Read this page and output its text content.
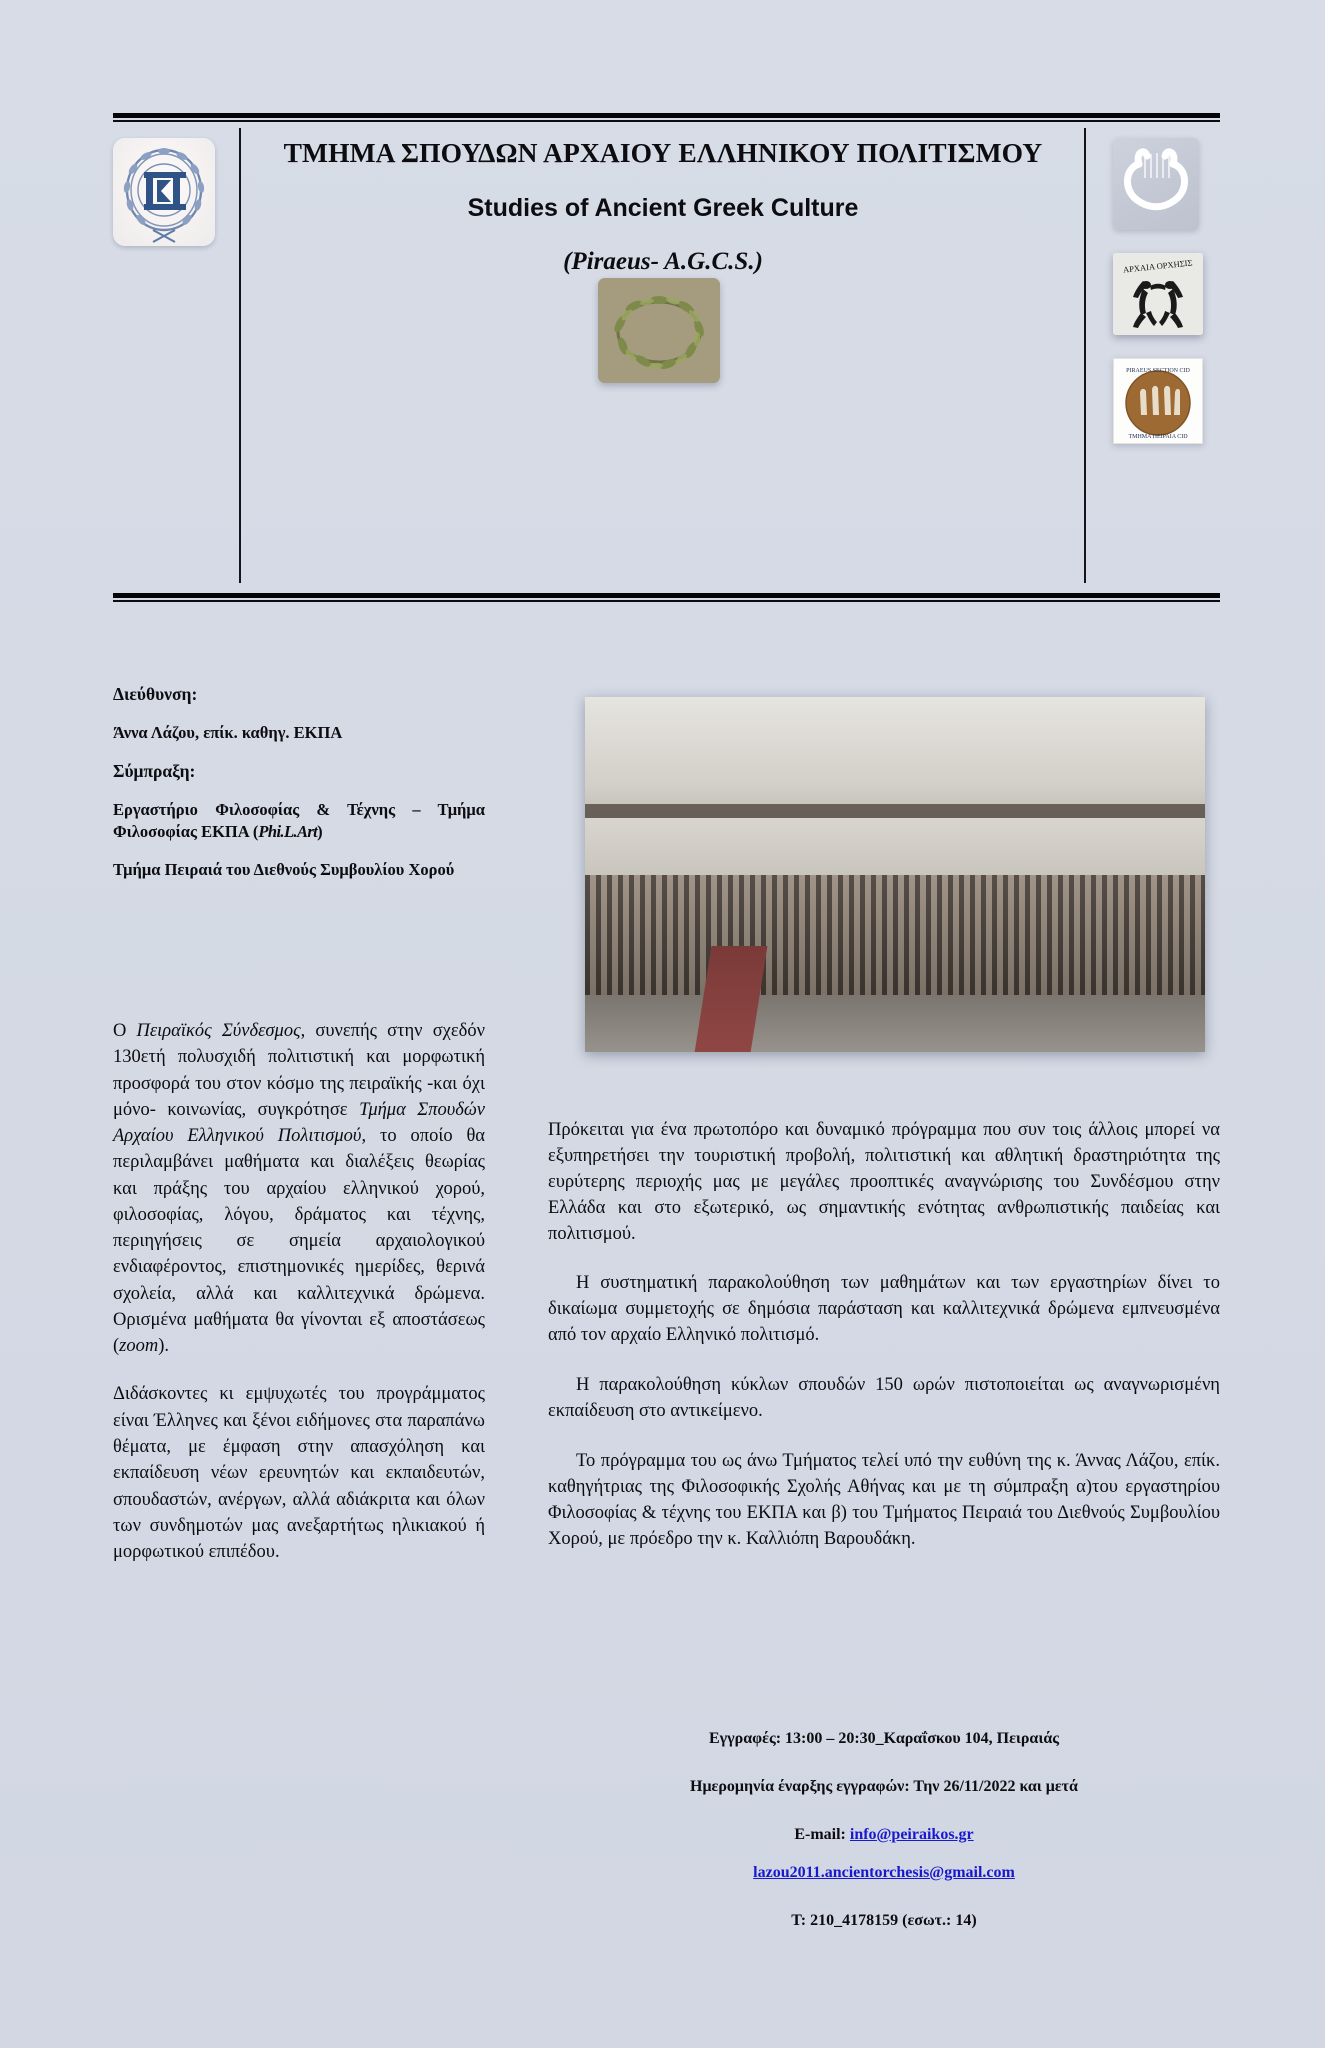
ΤΜΗΜΑ ΣΠΟΥΔΩΝ ΑΡΧΑΙΟΥ ΕΛΛΗΝΙΚΟΥ ΠΟΛΙΤΙΣΜΟΥ
Studies of Ancient Greek Culture
(Piraeus- A.G.C.S.)	ΑΡΧΑΙΑ ΟΡΧΗΣΙΣ
PIRAEUS SECTION CID
ΤΜΗΜΑ ΠΕΙΡΑΙΑ CID

Διεύθυνση:

Άννα Λάζου, επίκ. καθηγ. ΕΚΠΑ

Σύμπραξη:

Εργαστήριο Φιλοσοφίας & Τέχνης – Τμήμα Φιλοσοφίας ΕΚΠΑ (Phi.L.Art)

Τμήμα Πειραιά του Διεθνούς Συμβουλίου Χορού

Ο Πειραϊκός Σύνδεσμος, συνεπής στην σχεδόν 130ετή πολυσχιδή πολιτιστική και μορφωτική προσφορά του στον κόσμο της πειραϊκής -και όχι μόνο- κοινωνίας, συγκρότησε Τμήμα Σπουδών Αρχαίου Ελληνικού Πολιτισμού, το οποίο θα περιλαμβάνει μαθήματα και διαλέξεις θεωρίας και πράξης του αρχαίου ελληνικού χορού, φιλοσοφίας, λόγου, δράματος και τέχνης, περιηγήσεις σε σημεία αρχαιολογικού ενδιαφέροντος, επιστημονικές ημερίδες, θερινά σχολεία, αλλά και καλλιτεχνικά δρώμενα. Ορισμένα μαθήματα θα γίνονται εξ αποστάσεως (zoom).

Διδάσκοντες κι εμψυχωτές του προγράμματος είναι Έλληνες και ξένοι ειδήμονες στα παραπάνω θέματα, με έμφαση στην απασχόληση και εκπαίδευση νέων ερευνητών και εκπαιδευτών, σπουδαστών, ανέργων, αλλά αδιάκριτα και όλων των συνδημοτών μας ανεξαρτήτως ηλικιακού ή μορφωτικού επιπέδου.

Πρόκειται για ένα πρωτοπόρο και δυναμικό πρόγραμμα που συν τοις άλλοις μπορεί να εξυπηρετήσει την τουριστική προβολή, πολιτιστική και αθλητική δραστηριότητα της ευρύτερης περιοχής μας με μεγάλες προοπτικές αναγνώρισης του Συνδέσμου στην Ελλάδα και στο εξωτερικό, ως σημαντικής ενότητας ανθρωπιστικής παιδείας και πολιτισμού.

Η συστηματική παρακολούθηση των μαθημάτων και των εργαστηρίων δίνει το δικαίωμα συμμετοχής σε δημόσια παράσταση και καλλιτεχνικά δρώμενα εμπνευσμένα από τον αρχαίο Ελληνικό πολιτισμό.

Η παρακολούθηση κύκλων σπουδών 150 ωρών πιστοποιείται ως αναγνωρισμένη εκπαίδευση στο αντικείμενο.

Το πρόγραμμα του ως άνω Τμήματος τελεί υπό την ευθύνη της κ. Άννας Λάζου, επίκ. καθηγήτριας της Φιλοσοφικής Σχολής Αθήνας και με τη σύμπραξη α)του εργαστηρίου Φιλοσοφίας & τέχνης του ΕΚΠΑ και β) του Τμήματος Πειραιά του Διεθνούς Συμβουλίου Χορού, με πρόεδρο την κ. Καλλιόπη Βαρουδάκη.

Εγγραφές: 13:00 – 20:30_Καραΐσκου 104, Πειραιάς

Ημερομηνία έναρξης εγγραφών: Την 26/11/2022 και μετά

E-mail: info@peiraikos.gr

lazou2011.ancientorchesis@gmail.com

Τ: 210_4178159 (εσωτ.: 14)
